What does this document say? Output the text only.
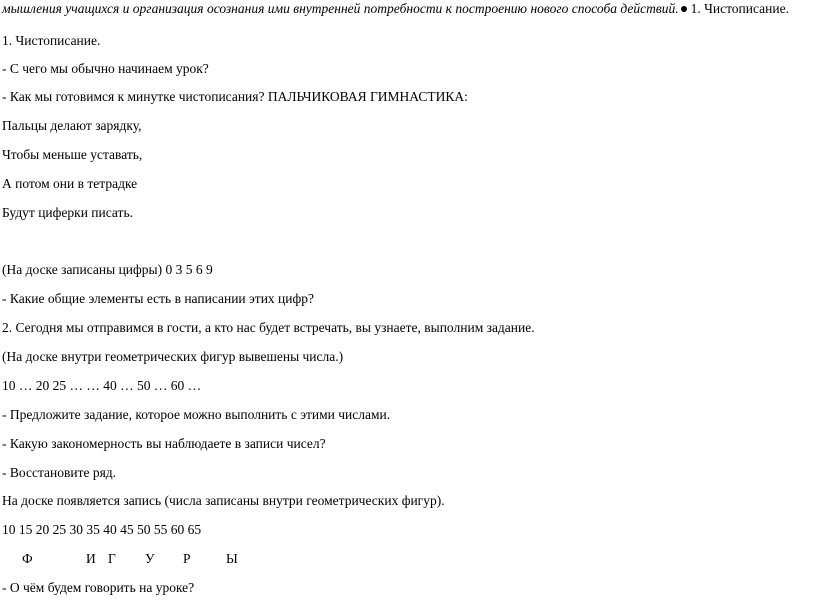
мышления учащихся и организация осознания ими внутренней потребности к построению нового способа действий. 1. Чистописание.
1. Чистописание.
- С чего мы обычно начинаем урок?
- Как мы готовимся к минутке чистописания? ПАЛЬЧИКОВАЯ ГИМНАСТИКА:
Пальцы делают зарядку,
Чтобы меньше уставать,
А потом они в тетрадке
Будут циферки писать.
(На доске записаны цифры) 0 3 5 6 9
- Какие общие элементы есть в написании этих цифр?
2. Сегодня мы отправимся в гости, а кто нас будет встречать, вы узнаете, выполним задание.
(На доске внутри геометрических фигур вывешены числа.)
10 … 20 25 … … 40 … 50 … 60 …
- Предложите задание, которое можно выполнить с этими числами.
- Какую закономерность вы наблюдаете в записи чисел?
- Восстановите ряд.
На доске появляется запись (числа записаны внутри геометрических фигур).
10 15 20 25 30 35 40 45 50 55 60 65
Ф	И Г У Р	Ы
- О чём будем говорить на уроке?
